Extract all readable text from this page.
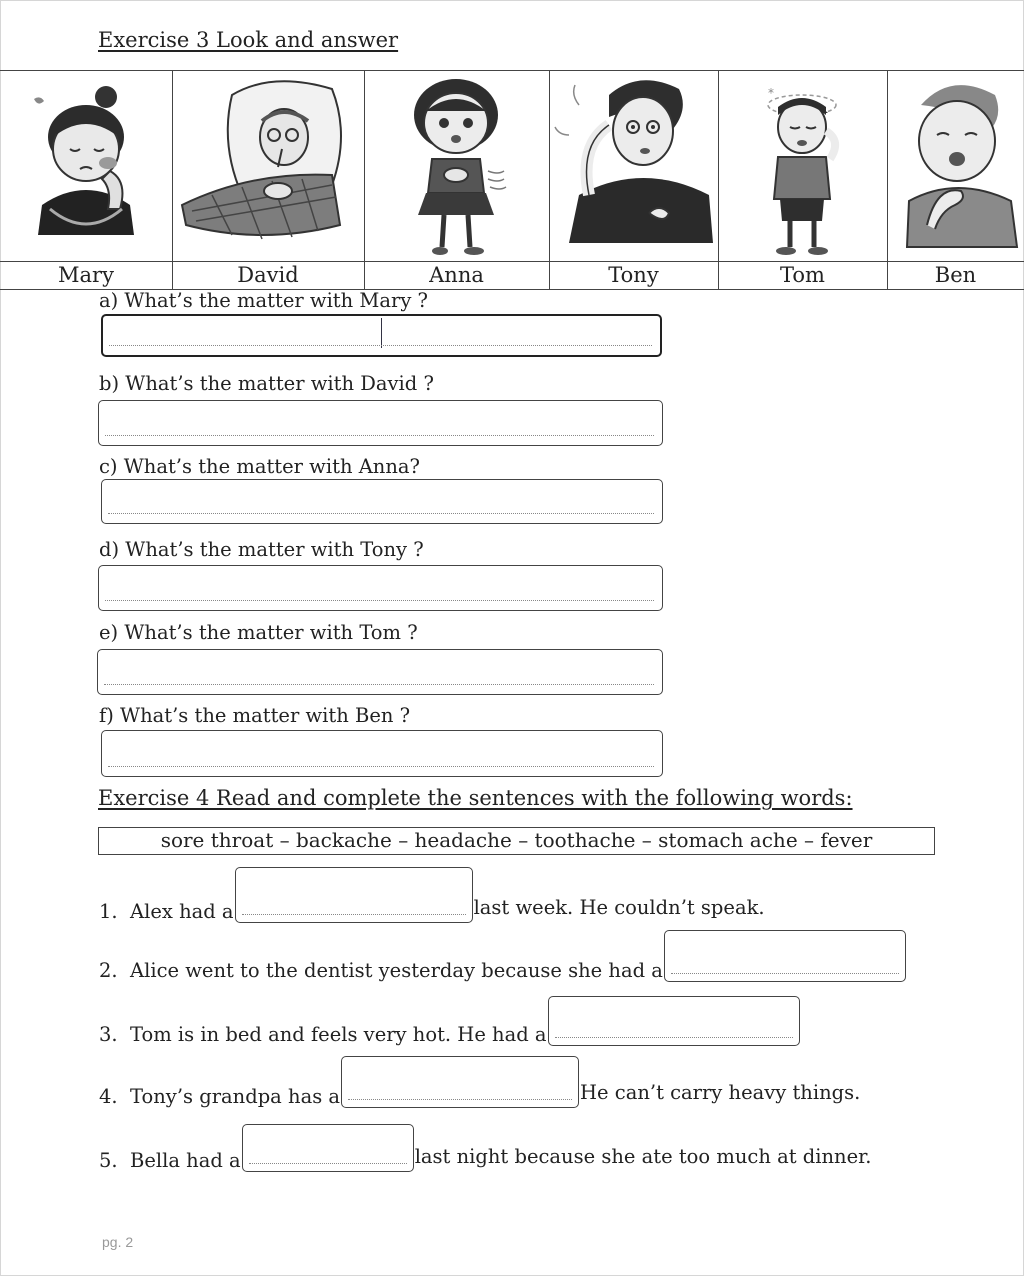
Exercise 3 Look and answer
Mary	David	Anna	Tony
*
Tom	Ben
a) What’s the matter with Mary ?
b) What’s the matter with David ?
c) What’s the matter with Anna?
d) What’s the matter with Tony ?
e) What’s the matter with Tom ?
f) What’s the matter with Ben ?
Exercise 4 Read and complete the sentences with the following words:
sore throat – backache – headache – toothache – stomach ache – fever
1.
Alex had a	last week. He couldn’t speak.
2.
Alice went to the dentist yesterday because she had a
3.
Tom is in bed and feels very hot. He had a
4.
Tony’s grandpa has a	He can’t carry heavy things.
5.
Bella had a	last night because she ate too much at dinner.
pg. 2
